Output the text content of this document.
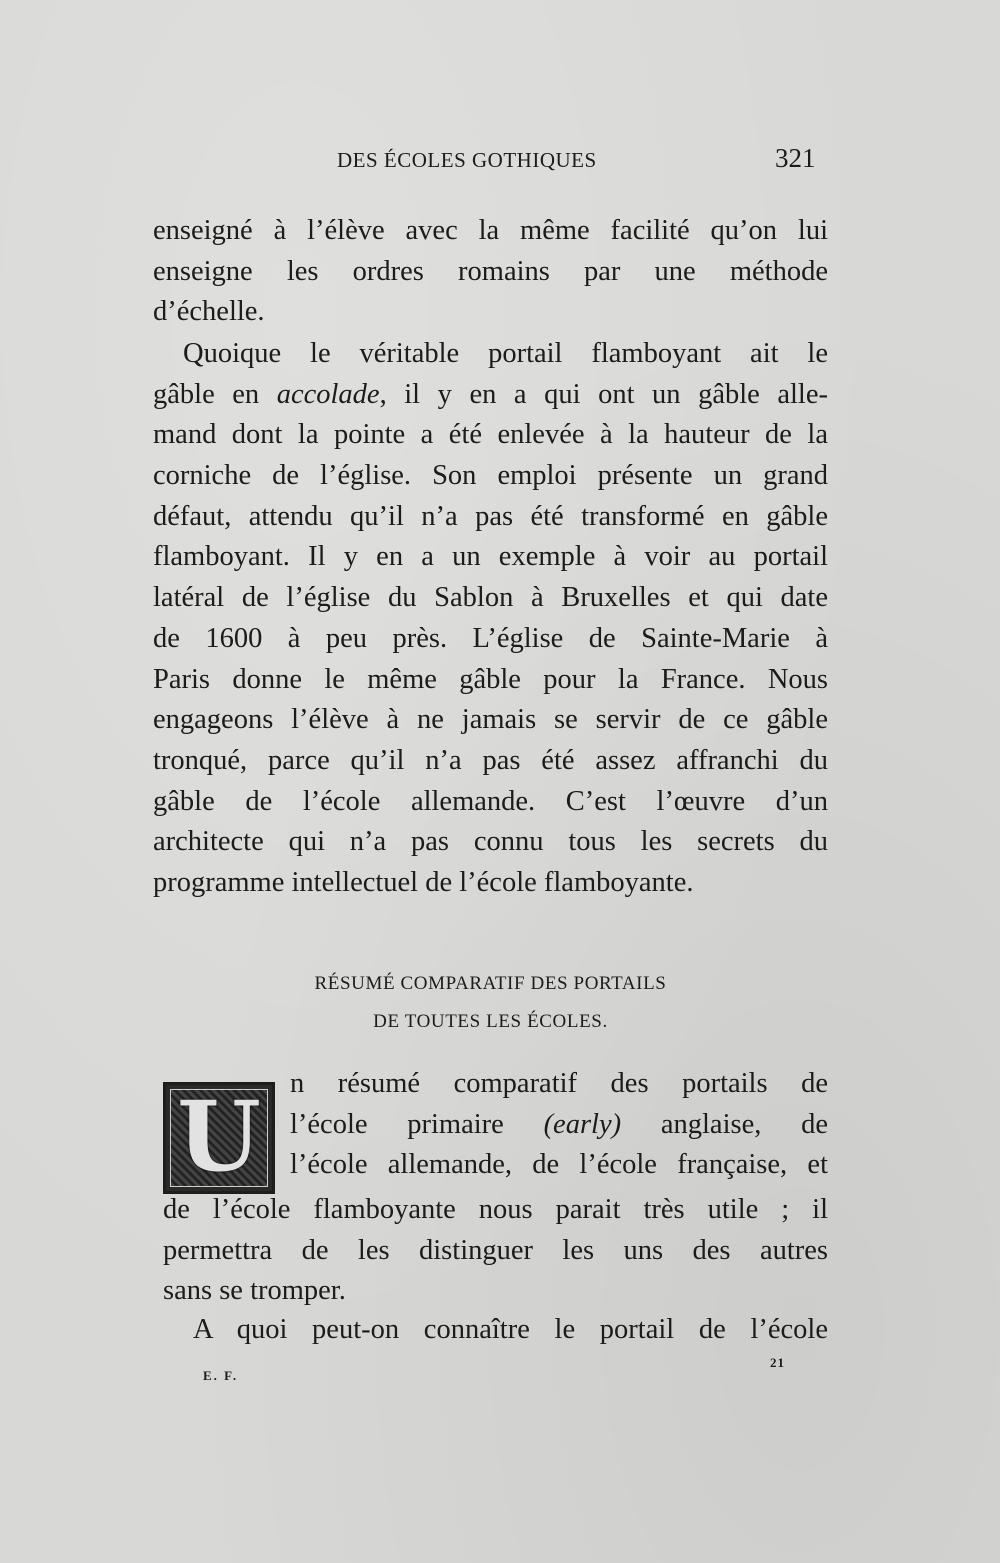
DES ÉCOLES GOTHIQUES	321
enseigné à l’élève avec la même facilité qu’on lui
enseigne les ordres romains par une méthode
d’échelle.
Quoique le véritable portail flamboyant ait le
gâble en accolade, il y en a qui ont un gâble alle-
mand dont la pointe a été enlevée à la hauteur de la
corniche de l’église. Son emploi présente un grand
défaut, attendu qu’il n’a pas été transformé en gâble
flamboyant. Il y en a un exemple à voir au portail
latéral de l’église du Sablon à Bruxelles et qui date
de 1600 à peu près. L’église de Sainte-Marie à
Paris donne le même gâble pour la France. Nous
engageons l’élève à ne jamais se servir de ce gâble
tronqué, parce qu’il n’a pas été assez affranchi du
gâble de l’école allemande. C’est l’œuvre d’un
architecte qui n’a pas connu tous les secrets du
programme intellectuel de l’école flamboyante.
RÉSUMÉ COMPARATIF DES PORTAILS
DE TOUTES LES ÉCOLES.
U	n résumé comparatif des portails de
l’école primaire (early) anglaise, de
l’école allemande, de l’école française, et
de l’école flamboyante nous parait très utile ; il
permettra de les distinguer les uns des autres
sans se tromper.
A quoi peut-on connaître le portail de l’école
E. F.
21
